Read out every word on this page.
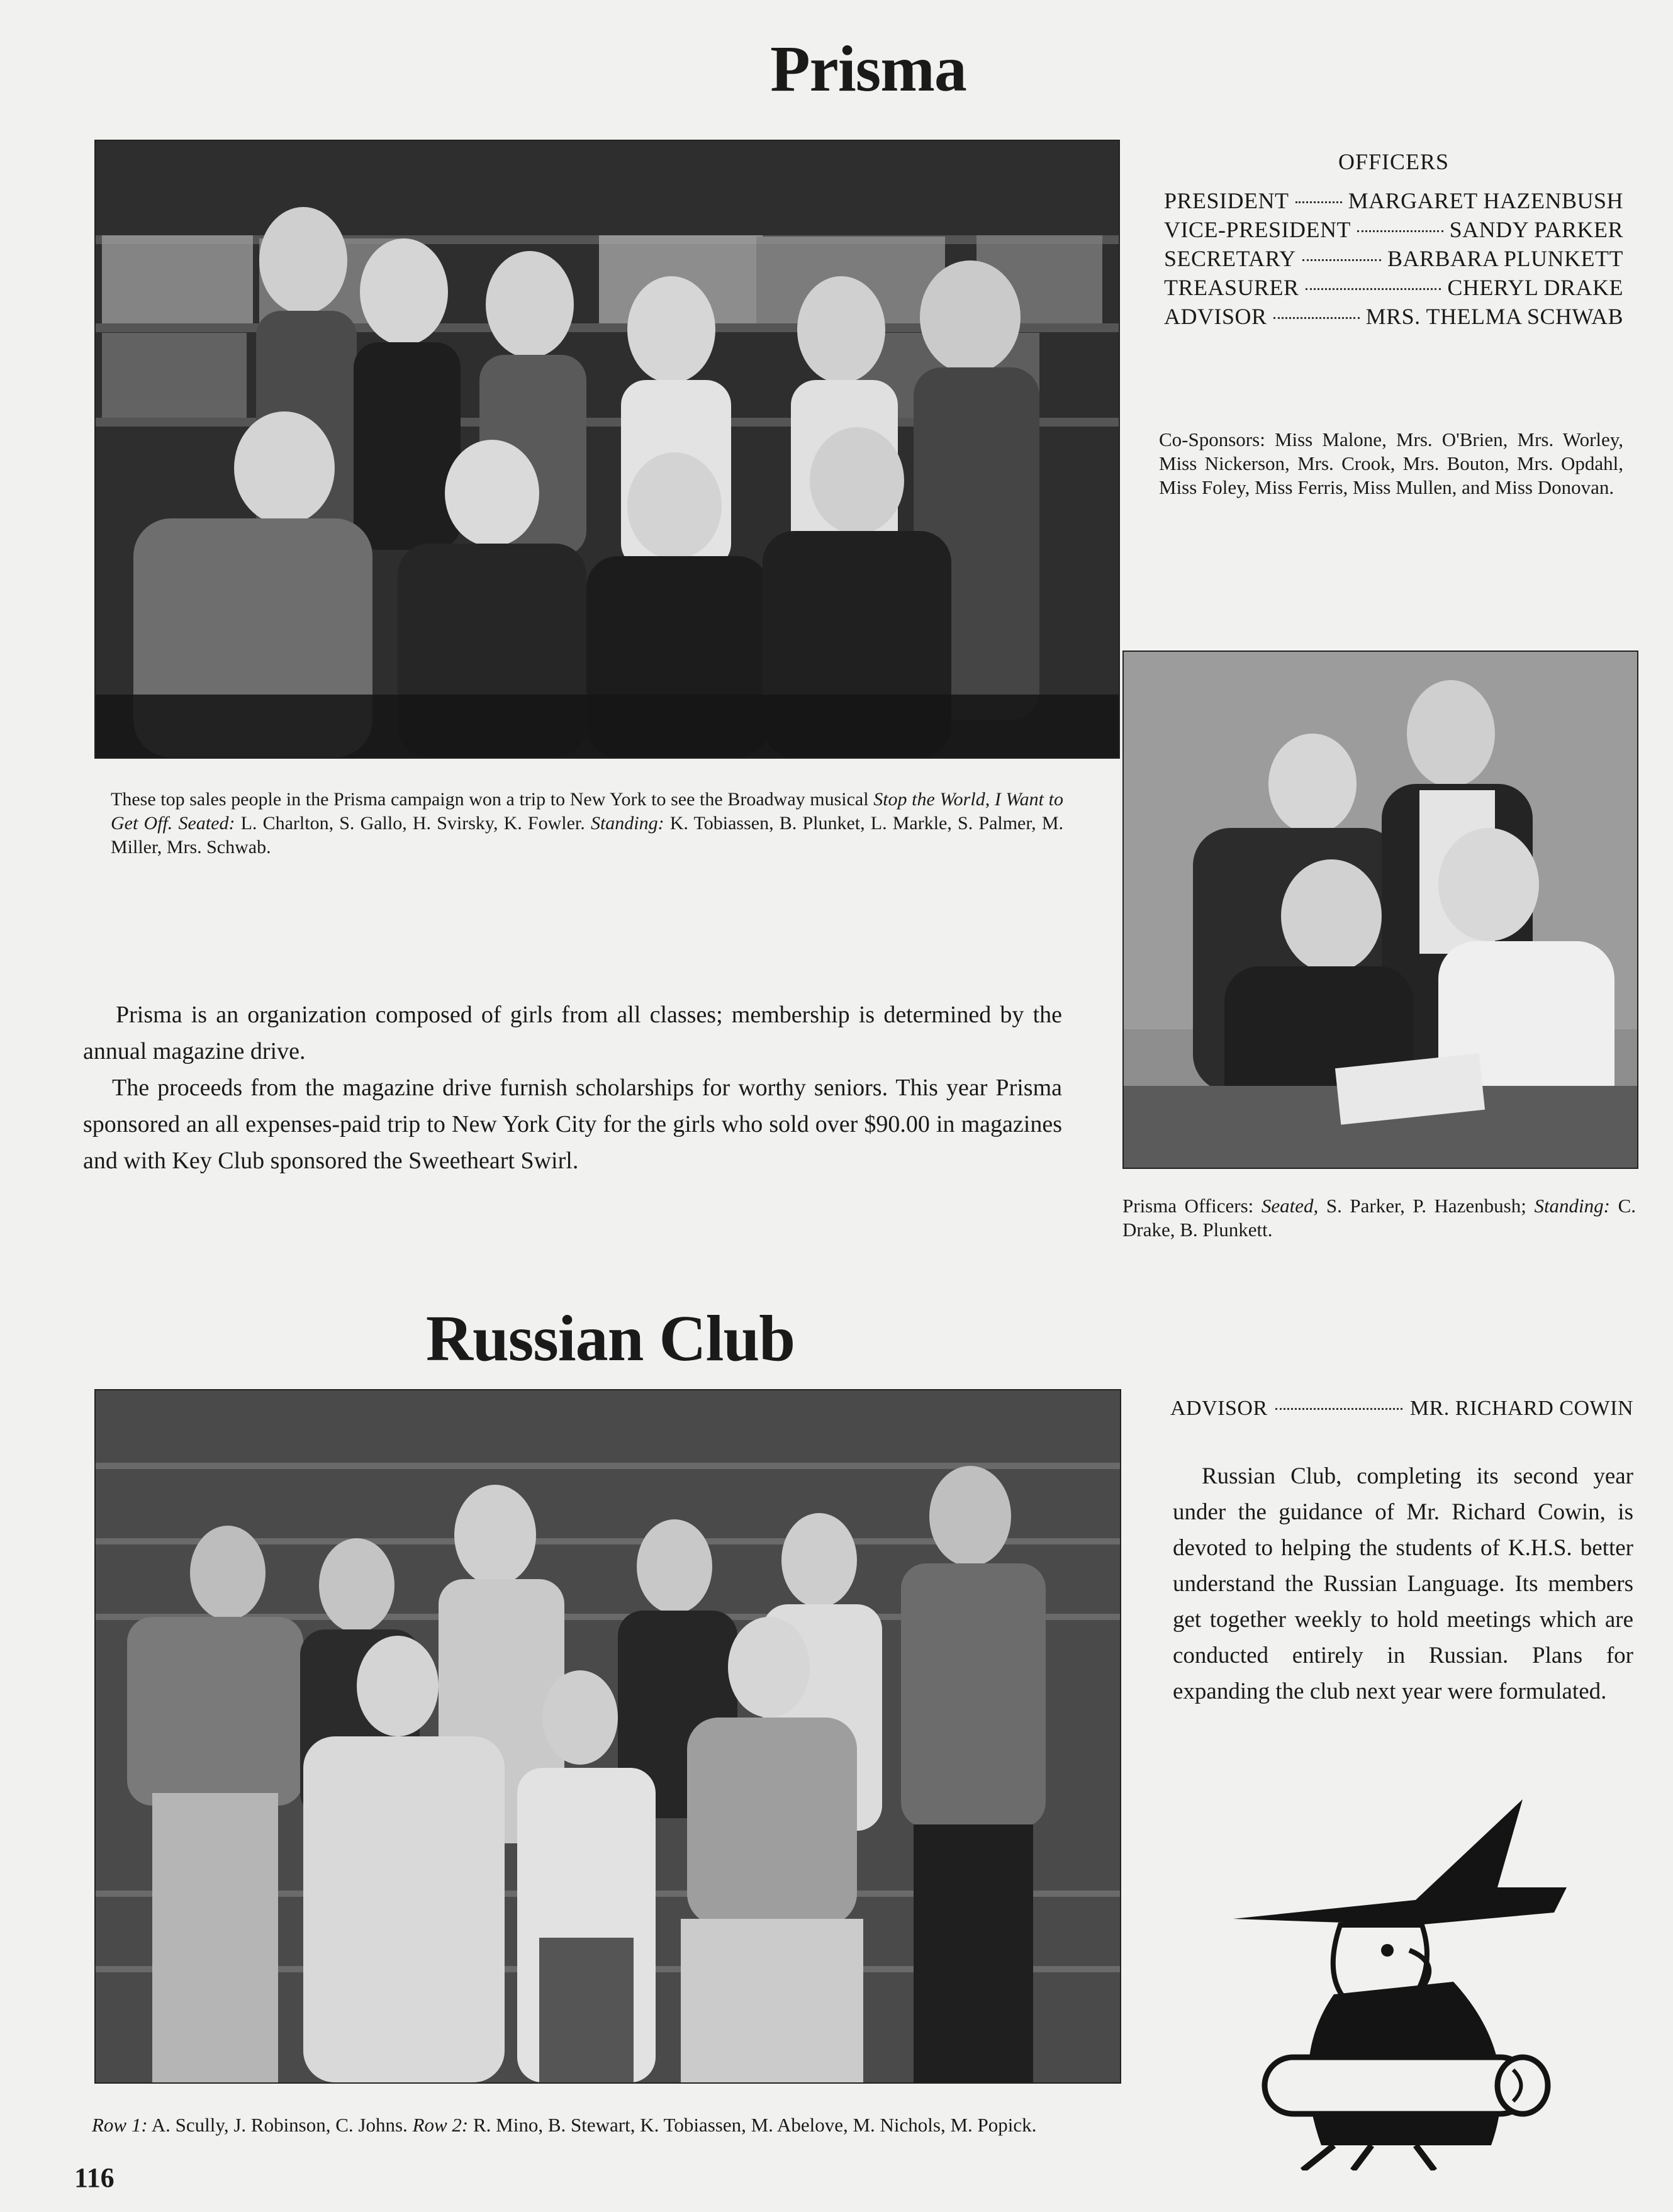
Prisma
OFFICERS
PRESIDENT	MARGARET HAZENBUSH
VICE-PRESIDENT	SANDY PARKER
SECRETARY	BARBARA PLUNKETT
TREASURER	CHERYL DRAKE
ADVISOR	MRS. THELMA SCHWAB
Co-Sponsors: Miss Malone, Mrs. O'Brien, Mrs. Worley, Miss Nickerson, Mrs. Crook, Mrs. Bouton, Mrs. Opdahl, Miss Foley, Miss Ferris, Miss Mullen, and Miss Donovan.
These top sales people in the Prisma campaign won a trip to New York to see the Broadway musical Stop the World, I Want to Get Off. Seated: L. Charlton, S. Gallo, H. Svirsky, K. Fowler. Standing: K. Tobiassen, B. Plunket, L. Markle, S. Palmer, M. Miller, Mrs. Schwab.
Prisma is an organization composed of girls from all classes; membership is determined by the annual magazine drive.
The proceeds from the magazine drive furnish scholarships for worthy seniors. This year Prisma sponsored an all expenses-paid trip to New York City for the girls who sold over $90.00 in magazines and with Key Club sponsored the Sweetheart Swirl.
Prisma Officers: Seated, S. Parker, P. Hazenbush; Standing: C. Drake, B. Plunkett.
Russian Club
ADVISOR	MR. RICHARD COWIN
Russian Club, completing its second year under the guidance of Mr. Richard Cowin, is devoted to helping the students of K.H.S. better understand the Russian Language. Its members get together weekly to hold meetings which are conducted entirely in Russian. Plans for expanding the club next year were formulated.
Row 1: A. Scully, J. Robinson, C. Johns. Row 2: R. Mino, B. Stewart, K. Tobiassen, M. Abelove, M. Nichols, M. Popick.
116
